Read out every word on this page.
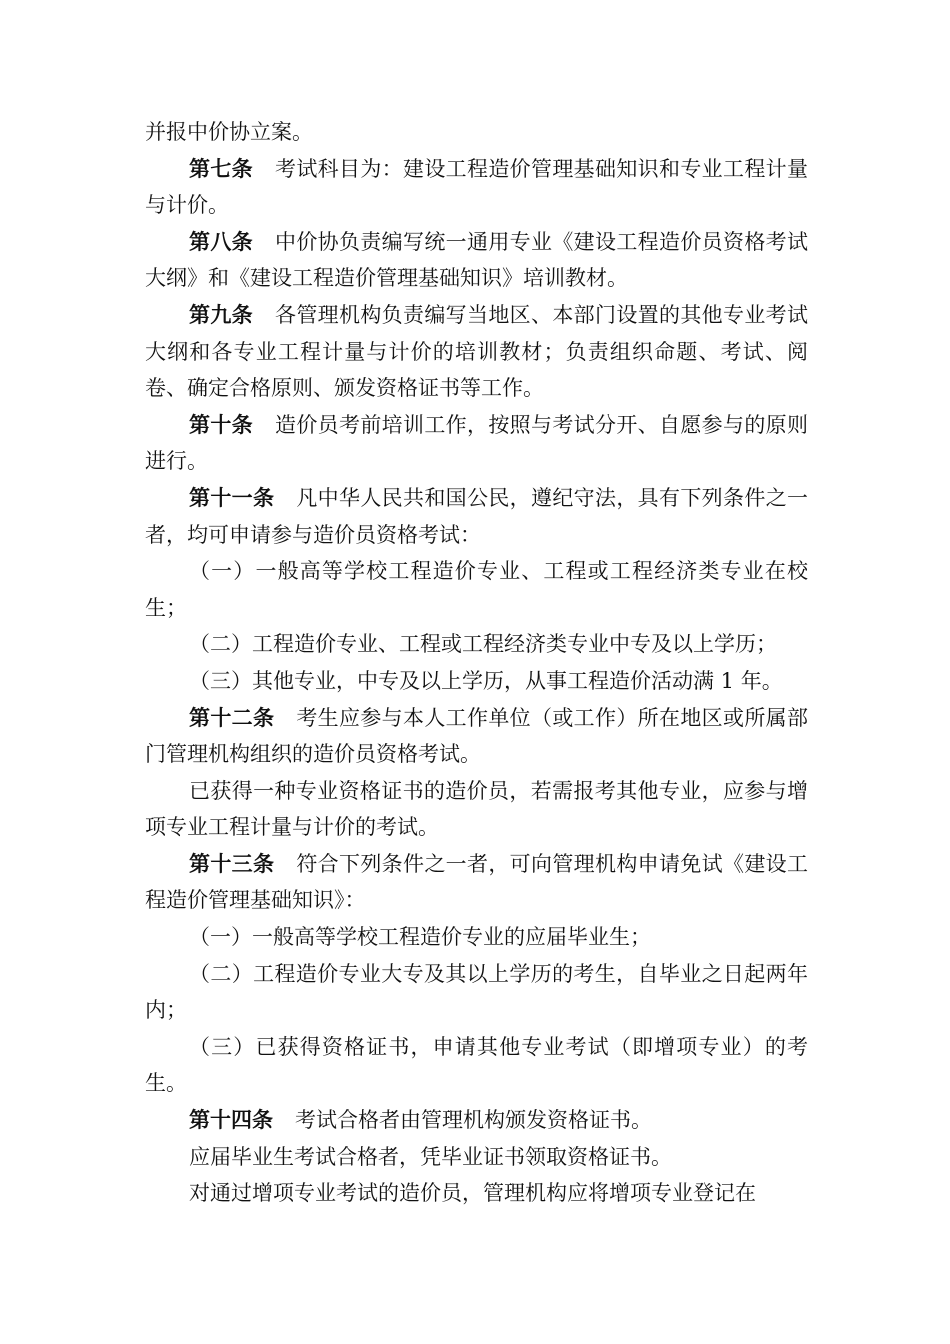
并报中价协立案。

第七条 考试科目为：建设工程造价管理基础知识和专业工程计量与计价。

第八条 中价协负责编写统一通用专业《建设工程造价员资格考试大纲》和《建设工程造价管理基础知识》培训教材。

第九条 各管理机构负责编写当地区、本部门设置的其他专业考试大纲和各专业工程计量与计价的培训教材；负责组织命题、考试、阅卷、确定合格原则、颁发资格证书等工作。

第十条 造价员考前培训工作，按照与考试分开、自愿参与的原则进行。

第十一条 凡中华人民共和国公民，遵纪守法，具有下列条件之一者，均可申请参与造价员资格考试：

（一）一般高等学校工程造价专业、工程或工程经济类专业在校生；

（二）工程造价专业、工程或工程经济类专业中专及以上学历；

（三）其他专业，中专及以上学历，从事工程造价活动满 1 年。

第十二条 考生应参与本人工作单位（或工作）所在地区或所属部门管理机构组织的造价员资格考试。

已获得一种专业资格证书的造价员，若需报考其他专业，应参与增项专业工程计量与计价的考试。

第十三条 符合下列条件之一者，可向管理机构申请免试《建设工程造价管理基础知识》：

（一）一般高等学校工程造价专业的应届毕业生；

（二）工程造价专业大专及其以上学历的考生，自毕业之日起两年内；

（三）已获得资格证书，申请其他专业考试（即增项专业）的考生。

第十四条 考试合格者由管理机构颁发资格证书。

应届毕业生考试合格者，凭毕业证书领取资格证书。

对通过增项专业考试的造价员，管理机构应将增项专业登记在
